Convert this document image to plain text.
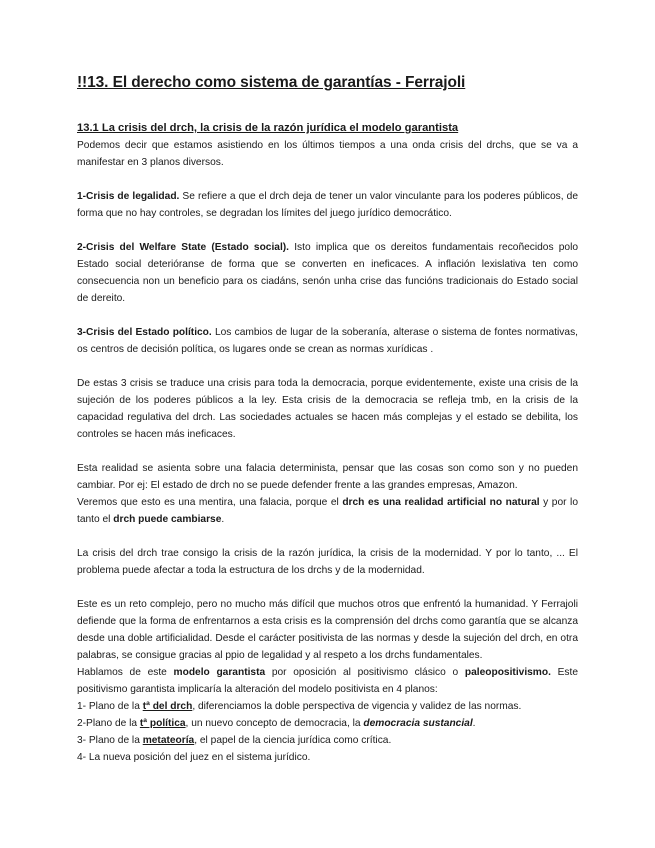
!!13. El derecho como sistema de garantías - Ferrajoli
13.1 La crisis del drch, la crisis de la razón jurídica el modelo garantista

Podemos decir que estamos asistiendo en los últimos tiempos a una onda crisis del drchs, que se va a manifestar en 3 planos diversos.

1-Crisis de legalidad. Se refiere a que el drch deja de tener un valor vinculante para los poderes públicos, de forma que no hay controles, se degradan los límites del juego jurídico democrático.

2-Crisis del Welfare State (Estado social). Isto implica que os dereitos fundamentais recoñecidos polo Estado social deterióranse de forma que se converten en ineficaces. A inflación lexislativa ten como consecuencia non un beneficio para os ciadáns, senón unha crise das funcións tradicionais do Estado social de dereito.

3-Crisis del Estado político. Los cambios de lugar de la soberanía, alterase o sistema de fontes normativas, os centros de decisión política, os lugares onde se crean as normas xurídicas .

De estas 3 crisis se traduce una crisis para toda la democracia, porque evidentemente, existe una crisis de la sujeción de los poderes públicos a la ley. Esta crisis de la democracia se refleja tmb, en la crisis de la capacidad regulativa del drch. Las sociedades actuales se hacen más complejas y el estado se debilita, los controles se hacen más ineficaces.

Esta realidad se asienta sobre una falacia determinista, pensar que las cosas son como son y no pueden cambiar. Por ej: El estado de drch no se puede defender frente a las grandes empresas, Amazon.

Veremos que esto es una mentira, una falacia, porque el drch es una realidad artificial no natural y por lo tanto el drch puede cambiarse.

La crisis del drch trae consigo la crisis de la razón jurídica, la crisis de la modernidad. Y por lo tanto, ... El problema puede afectar a toda la estructura de los drchs y de la modernidad.

Este es un reto complejo, pero no mucho más difícil que muchos otros que enfrentó la humanidad. Y Ferrajoli defiende que la forma de enfrentarnos a esta crisis es la comprensión del drchs como garantía que se alcanza desde una doble artificialidad. Desde el carácter positivista de las normas y desde la sujeción del drch, en otra palabras, se consigue gracias al ppio de legalidad y al respeto a los drchs fundamentales.

Hablamos de este modelo garantista por oposición al positivismo clásico o paleopositivismo. Este positivismo garantista implicaría la alteración del modelo positivista en 4 planos:

1- Plano de la tª del drch, diferenciamos la doble perspectiva de vigencia y validez de las normas.

2-Plano de la tª política, un nuevo concepto de democracia, la democracia sustancial.

3- Plano de la metateoría, el papel de la ciencia jurídica como crítica.

4- La nueva posición del juez en el sistema jurídico.
